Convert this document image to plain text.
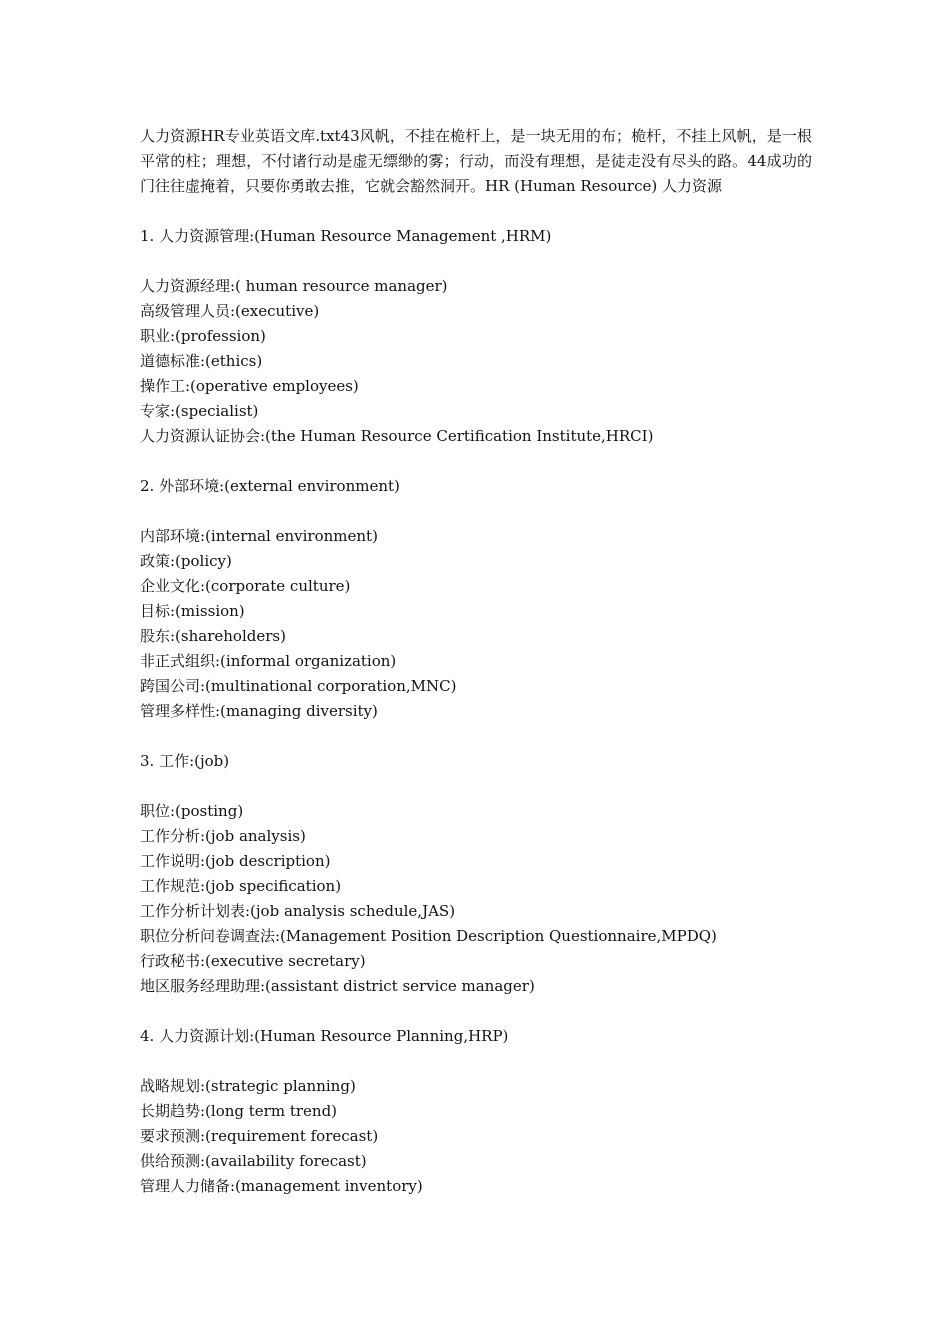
人力资源HR专业英语文库.txt43风帆，不挂在桅杆上，是一块无用的布；桅杆，不挂上风帆，是一根平常的柱；理想，不付诸行动是虚无缥缈的雾；行动，而没有理想，是徒走没有尽头的路。44成功的门往往虚掩着，只要你勇敢去推，它就会豁然洞开。HR (Human Resource) 人力资源

1. 人力资源管理:(Human Resource Management ,HRM)
人力资源经理:( human resource manager)
高级管理人员:(executive)
职业:(profession)
道德标准:(ethics)
操作工:(operative employees)
专家:(specialist)
人力资源认证协会:(the Human Resource Certification Institute,HRCI)
2. 外部环境:(external environment)
内部环境:(internal environment)
政策:(policy)
企业文化:(corporate culture)
目标:(mission)
股东:(shareholders)
非正式组织:(informal organization)
跨国公司:(multinational corporation,MNC)
管理多样性:(managing diversity)
3. 工作:(job)
职位:(posting)
工作分析:(job analysis)
工作说明:(job description)
工作规范:(job specification)
工作分析计划表:(job analysis schedule,JAS)
职位分析问卷调查法:(Management Position Description Questionnaire,MPDQ)
行政秘书:(executive secretary)
地区服务经理助理:(assistant district service manager)
4. 人力资源计划:(Human Resource Planning,HRP)
战略规划:(strategic planning)
长期趋势:(long term trend)
要求预测:(requirement forecast)
供给预测:(availability forecast)
管理人力储备:(management inventory)
